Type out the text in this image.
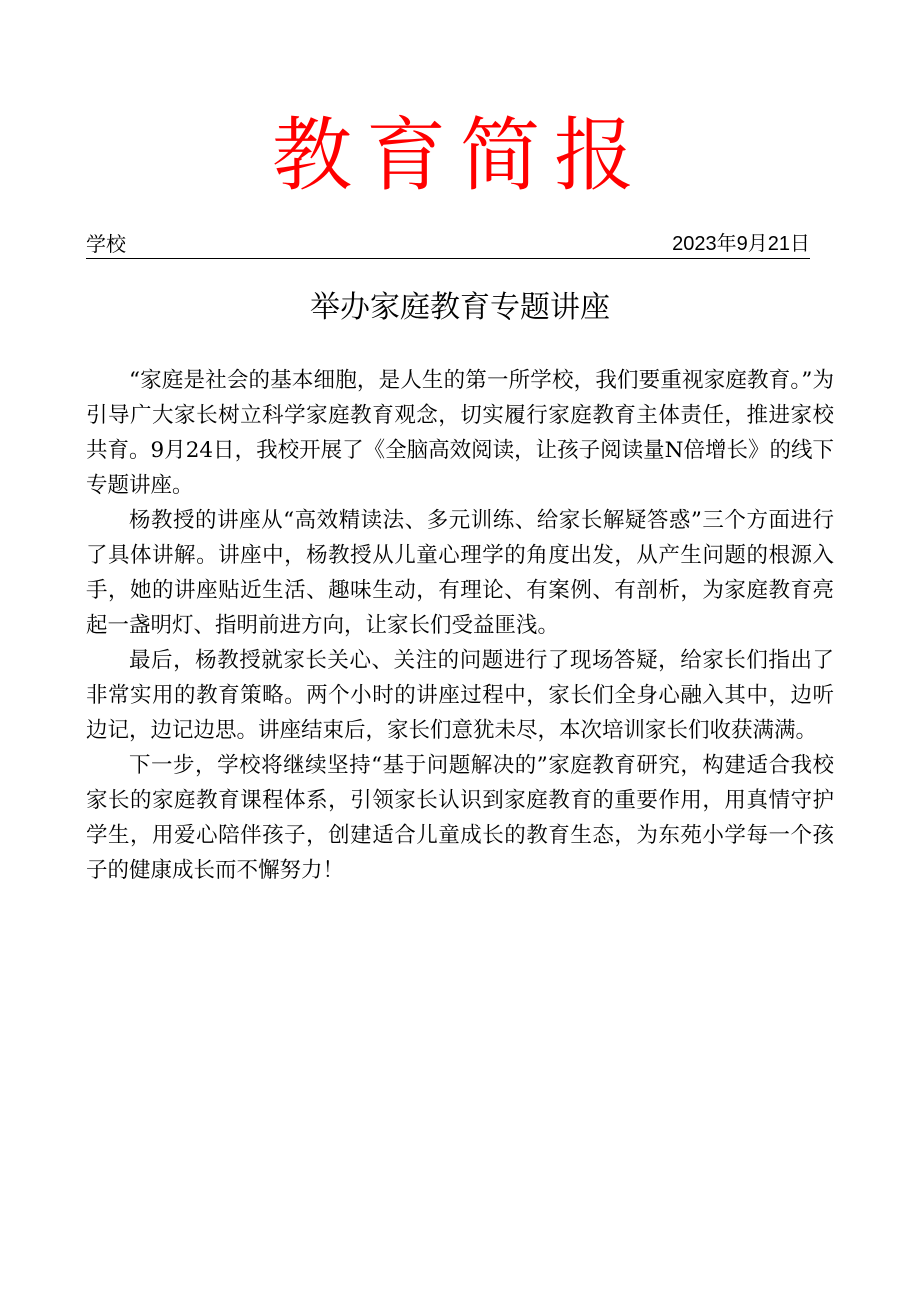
教育简报
学校	2023年9月21日
举办家庭教育专题讲座

“家庭是社会的基本细胞，是人生的第一所学校，我们要重视家庭教育。”为引导广大家长树立科学家庭教育观念，切实履行家庭教育主体责任，推进家校共育。9月24日，我校开展了《全脑高效阅读，让孩子阅读量N倍增长》的线下专题讲座。

杨教授的讲座从“高效精读法、多元训练、给家长解疑答惑”三个方面进行了具体讲解。讲座中，杨教授从儿童心理学的角度出发，从产生问题的根源入手，她的讲座贴近生活、趣味生动，有理论、有案例、有剖析，为家庭教育亮起一盏明灯、指明前进方向，让家长们受益匪浅。

最后，杨教授就家长关心、关注的问题进行了现场答疑，给家长们指出了非常实用的教育策略。两个小时的讲座过程中，家长们全身心融入其中，边听边记，边记边思。讲座结束后，家长们意犹未尽，本次培训家长们收获满满。

下一步，学校将继续坚持“基于问题解决的”家庭教育研究，构建适合我校家长的家庭教育课程体系，引领家长认识到家庭教育的重要作用，用真情守护学生，用爱心陪伴孩子，创建适合儿童成长的教育生态，为东苑小学每一个孩子的健康成长而不懈努力！
